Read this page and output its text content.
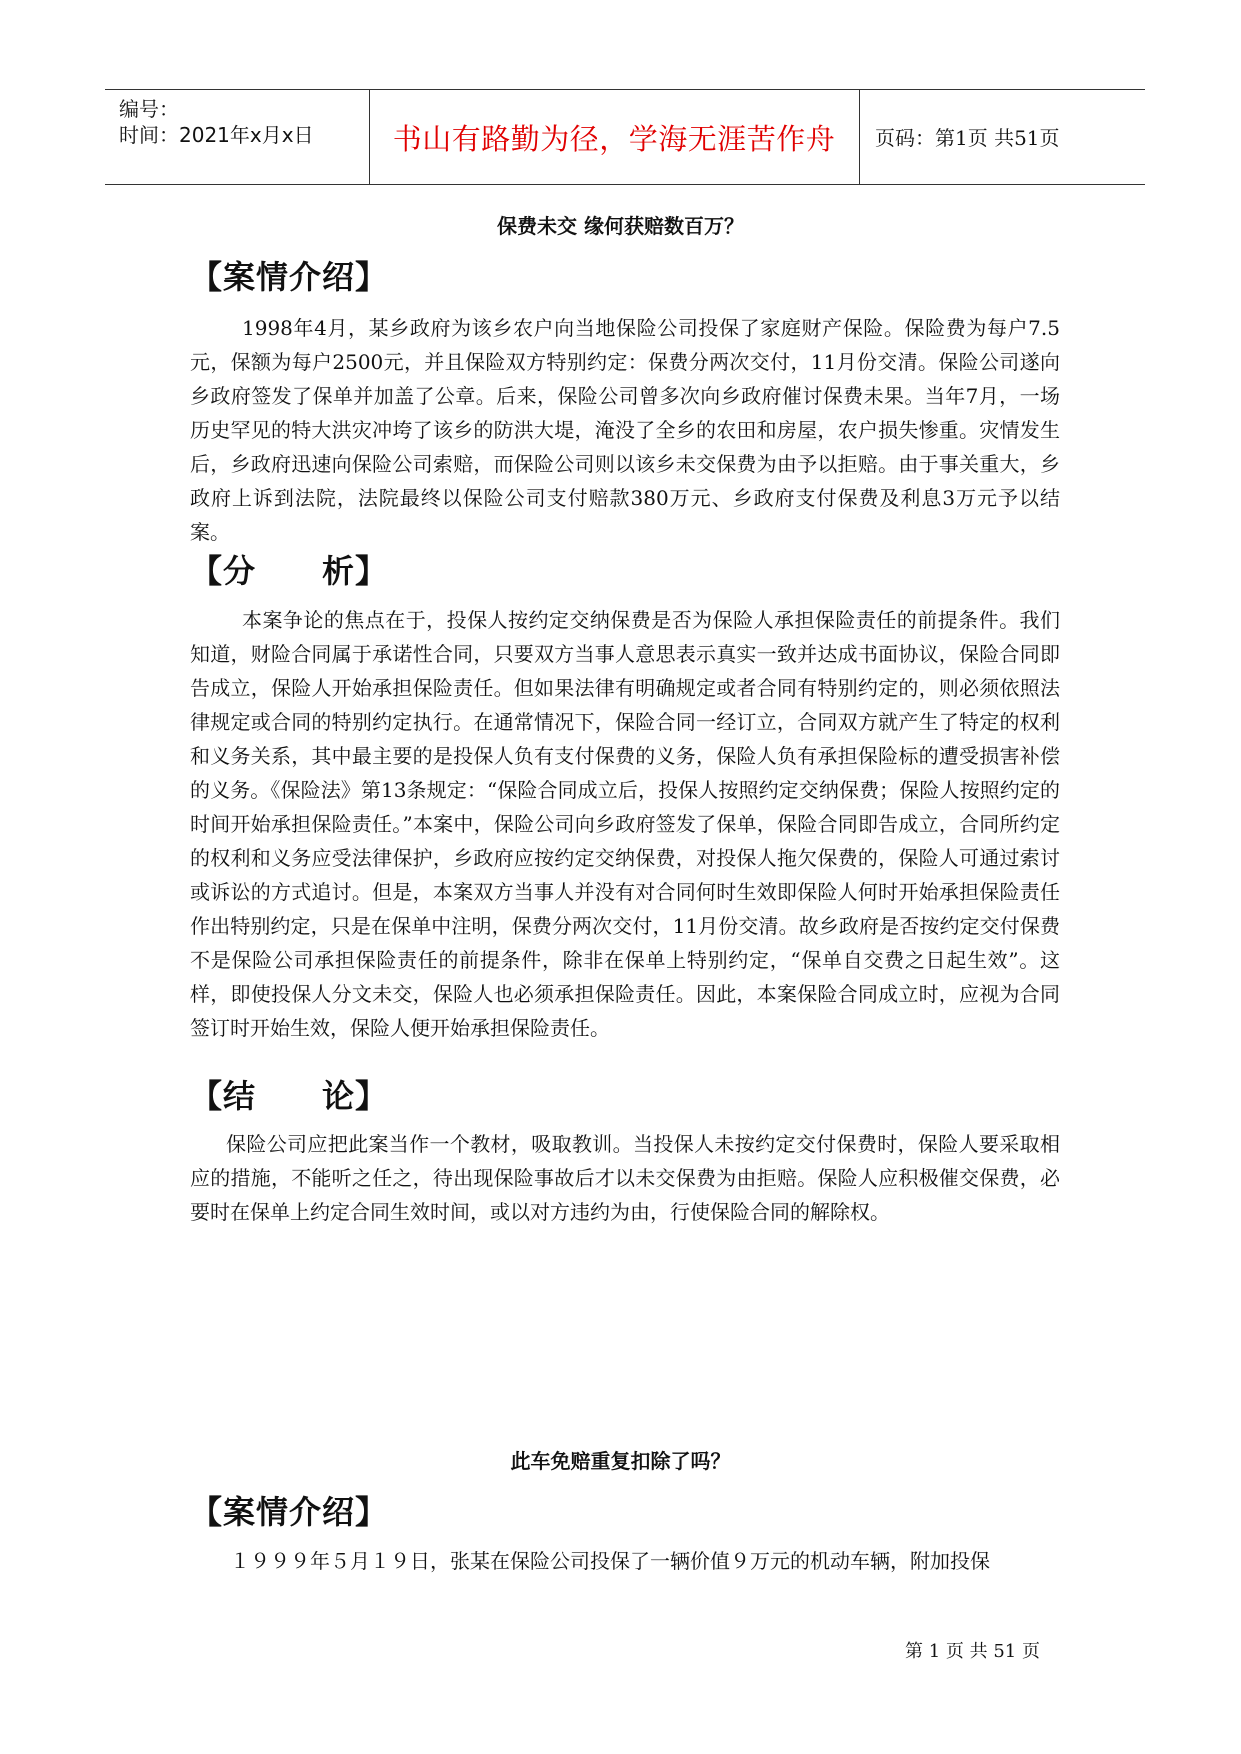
编号：
时间：2021年x月x日	书山有路勤为径，学海无涯苦作舟	页码：第1页 共51页
保费未交 缘何获赔数百万？
【案情介绍】

1998年4月，某乡政府为该乡农户向当地保险公司投保了家庭财产保险。保险费为每户7.5元，保额为每户2500元，并且保险双方特别约定：保费分两次交付，11月份交清。保险公司遂向乡政府签发了保单并加盖了公章。后来，保险公司曾多次向乡政府催讨保费未果。当年7月，一场历史罕见的特大洪灾冲垮了该乡的防洪大堤，淹没了全乡的农田和房屋，农户损失惨重。灾情发生后，乡政府迅速向保险公司索赔，而保险公司则以该乡未交保费为由予以拒赔。由于事关重大，乡政府上诉到法院，法院最终以保险公司支付赔款380万元、乡政府支付保费及利息3万元予以结案。

【分　　析】

本案争论的焦点在于，投保人按约定交纳保费是否为保险人承担保险责任的前提条件。我们知道，财险合同属于承诺性合同，只要双方当事人意思表示真实一致并达成书面协议，保险合同即告成立，保险人开始承担保险责任。但如果法律有明确规定或者合同有特别约定的，则必须依照法律规定或合同的特别约定执行。在通常情况下，保险合同一经订立，合同双方就产生了特定的权利和义务关系，其中最主要的是投保人负有支付保费的义务，保险人负有承担保险标的遭受损害补偿的义务。《保险法》第13条规定：“保险合同成立后，投保人按照约定交纳保费；保险人按照约定的时间开始承担保险责任。”本案中，保险公司向乡政府签发了保单，保险合同即告成立，合同所约定的权利和义务应受法律保护，乡政府应按约定交纳保费，对投保人拖欠保费的，保险人可通过索讨或诉讼的方式追讨。但是，本案双方当事人并没有对合同何时生效即保险人何时开始承担保险责任作出特别约定，只是在保单中注明，保费分两次交付，11月份交清。故乡政府是否按约定交付保费不是保险公司承担保险责任的前提条件，除非在保单上特别约定，“保单自交费之日起生效”。这样，即使投保人分文未交，保险人也必须承担保险责任。因此，本案保险合同成立时，应视为合同签订时开始生效，保险人便开始承担保险责任。

【结　　论】

保险公司应把此案当作一个教材，吸取教训。当投保人未按约定交付保费时，保险人要采取相应的措施，不能听之任之，待出现保险事故后才以未交保费为由拒赔。保险人应积极催交保费，必要时在保单上约定合同生效时间，或以对方违约为由，行使保险合同的解除权。

此车免赔重复扣除了吗？
【案情介绍】

１９９９年５月１９日，张某在保险公司投保了一辆价值９万元的机动车辆，附加投保

第 1 页 共 51 页
